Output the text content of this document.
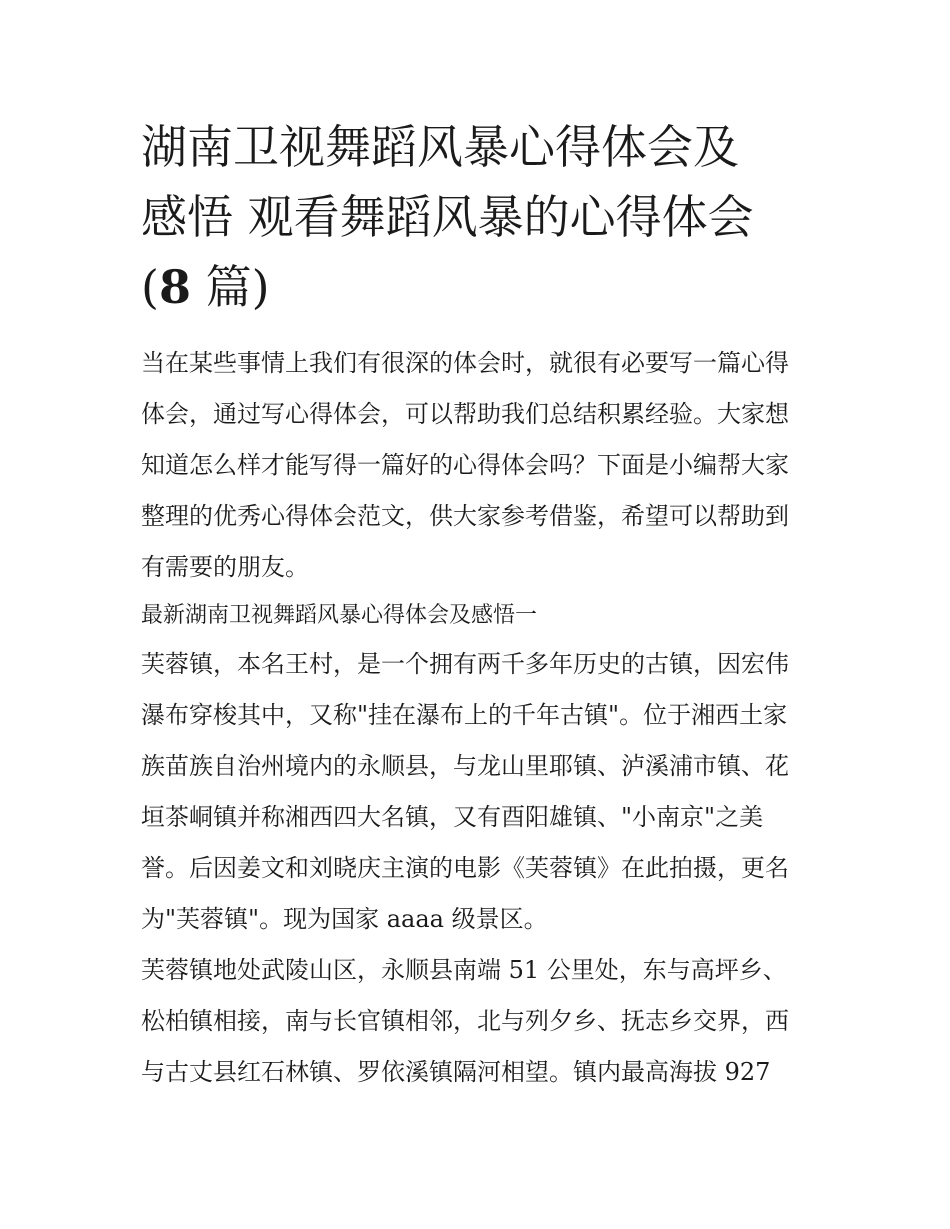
湖南卫视舞蹈风暴心得体会及
感悟 观看舞蹈风暴的心得体会
(8 篇)

当在某些事情上我们有很深的体会时，就很有必要写一篇心得
体会，通过写心得体会，可以帮助我们总结积累经验。大家想
知道怎么样才能写得一篇好的心得体会吗？下面是小编帮大家
整理的优秀心得体会范文，供大家参考借鉴，希望可以帮助到
有需要的朋友。

最新湖南卫视舞蹈风暴心得体会及感悟一

芙蓉镇，本名王村，是一个拥有两千多年历史的古镇，因宏伟
瀑布穿梭其中，又称"挂在瀑布上的千年古镇"。位于湘西土家
族苗族自治州境内的永顺县，与龙山里耶镇、泸溪浦市镇、花
垣茶峒镇并称湘西四大名镇，又有酉阳雄镇、"小南京"之美
誉。后因姜文和刘晓庆主演的电影《芙蓉镇》在此拍摄，更名
为"芙蓉镇"。现为国家 aaaa 级景区。

芙蓉镇地处武陵山区，永顺县南端 51 公里处，东与高坪乡、
松柏镇相接，南与长官镇相邻，北与列夕乡、抚志乡交界，西
与古丈县红石林镇、罗依溪镇隔河相望。镇内最高海拔 927
